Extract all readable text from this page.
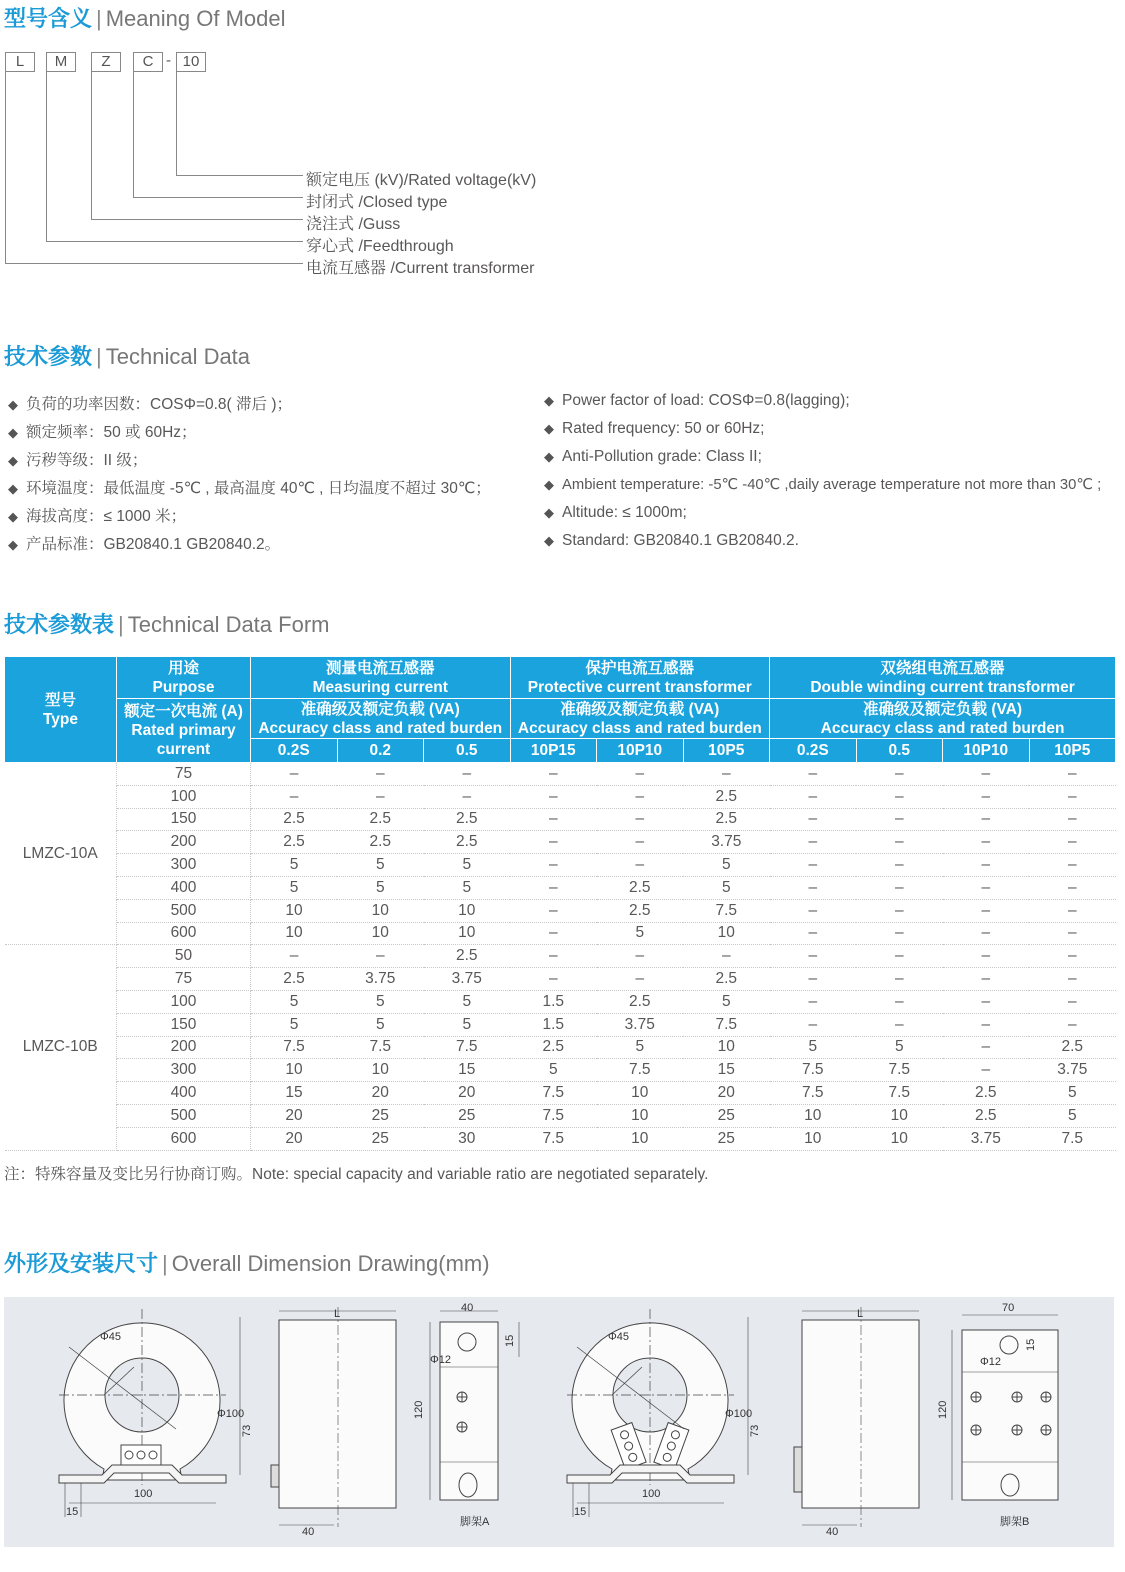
型号含义 | Meaning Of Model
L	M	Z	C - 10
额定电压 (kV)/Rated voltage(kV)
封闭式 /Closed type
浇注式 /Guss
穿心式 /Feedthrough
电流互感器 /Current transformer
技术参数 | Technical Data
◆ 负荷的功率因数：COSΦ=0.8( 滞后 )；
◆ 额定频率：50 或 60Hz；
◆ 污秽等级：II 级；
◆ 环境温度：最低温度 -5℃ , 最高温度 40℃ , 日均温度不超过 30℃；
◆ 海拔高度：≤ 1000 米；
◆ 产品标准：GB20840.1 GB20840.2。
◆ Power factor of load: COSΦ=0.8(lagging);
◆ Rated frequency: 50 or 60Hz;
◆ Anti-Pollution grade: Class II;
◆ Ambient temperature: -5℃ -40℃ ,daily average temperature not more than 30℃ ;
◆ Altitude: ≤ 1000m;
◆ Standard: GB20840.1 GB20840.2.
技术参数表 | Technical Data Form
型号
Type	用途
Purpose	测量电流互感器
Measuring current			保护电流互感器
Protective current transformer			双绕组电流互感器
Double winding current transformer			
	额定一次电流 (A)
Rated primary
current	准确级及额定负载 (VA)
Accuracy class and rated burden			准确级及额定负载 (VA)
Accuracy class and rated burden			准确级及额定负载 (VA)
Accuracy class and rated burden			
		0.2S	0.2	0.5	10P15	10P10	10P5	0.2S	0.5	10P10	10P5
LMZC-10A	75	–	–	–	–	–	–	–	–	–	–
	100	–	–	–	–	–	2.5	–	–	–	–
	150	2.5	2.5	2.5	–	–	2.5	–	–	–	–
	200	2.5	2.5	2.5	–	–	3.75	–	–	–	–
	300	5	5	5	–	–	5	–	–	–	–
	400	5	5	5	–	2.5	5	–	–	–	–
	500	10	10	10	–	2.5	7.5	–	–	–	–
	600	10	10	10	–	5	10	–	–	–	–
LMZC-10B	50	–	–	2.5	–	–	–	–	–	–	–
	75	2.5	3.75	3.75	–	–	2.5	–	–	–	–
	100	5	5	5	1.5	2.5	5	–	–	–	–
	150	5	5	5	1.5	3.75	7.5	–	–	–	–
	200	7.5	7.5	7.5	2.5	5	10	5	5	–	2.5
	300	10	10	15	5	7.5	15	7.5	7.5	–	3.75
	400	15	20	20	7.5	10	20	7.5	7.5	2.5	5
	500	20	25	25	7.5	10	25	10	10	2.5	5
	600	20	25	30	7.5	10	25	10	10	3.75	7.5
注：特殊容量及变比另行协商订购。Note: special capacity and variable ratio are negotiated separately.
外形及安装尺寸 | Overall Dimension Drawing(mm)
Φ45
Φ100
100
15
73
L
40
40
Φ12
15
120
脚架A
Φ45
Φ100
100
15
73
L
40
70
Φ12
15
120
脚架B
